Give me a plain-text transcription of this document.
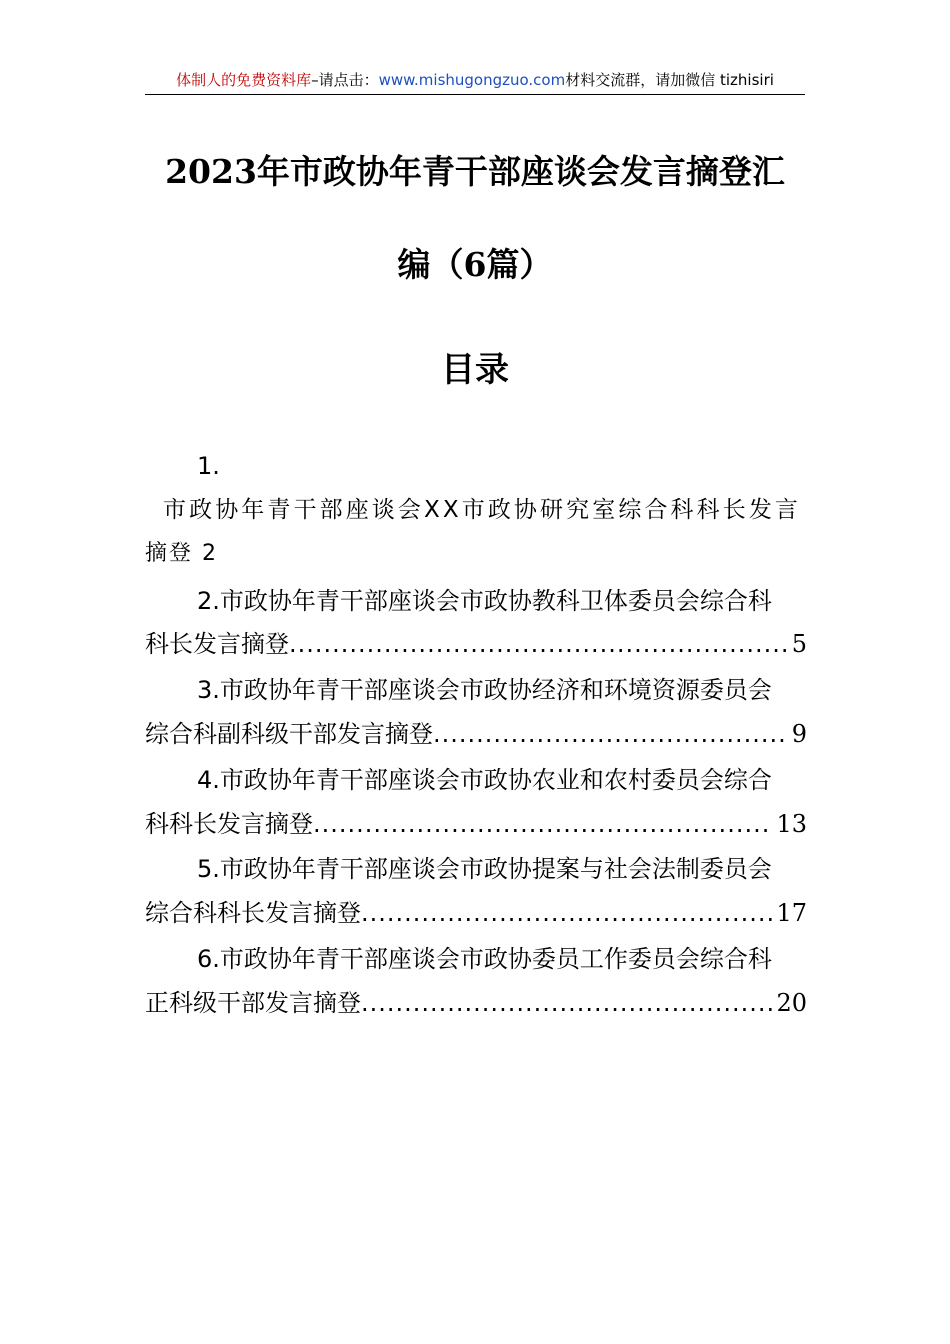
体制人的免费资料库–请点击：www.mishugongzuo.com材料交流群，请加微信 tizhisiri
2023年市政协年青干部座谈会发言摘登汇
编（6篇）
目录
1.
市政协年青干部座谈会XX市政协研究室综合科科长发言
摘登 2
2.市政协年青干部座谈会市政协教科卫体委员会综合科
科长发言摘登 .....	5
3.市政协年青干部座谈会市政协经济和环境资源委员会
综合科副科级干部发言摘登 .....	9
4.市政协年青干部座谈会市政协农业和农村委员会综合
科科长发言摘登 .....	13
5.市政协年青干部座谈会市政协提案与社会法制委员会
综合科科长发言摘登 .....	17
6.市政协年青干部座谈会市政协委员工作委员会综合科
正科级干部发言摘登 .....	20
